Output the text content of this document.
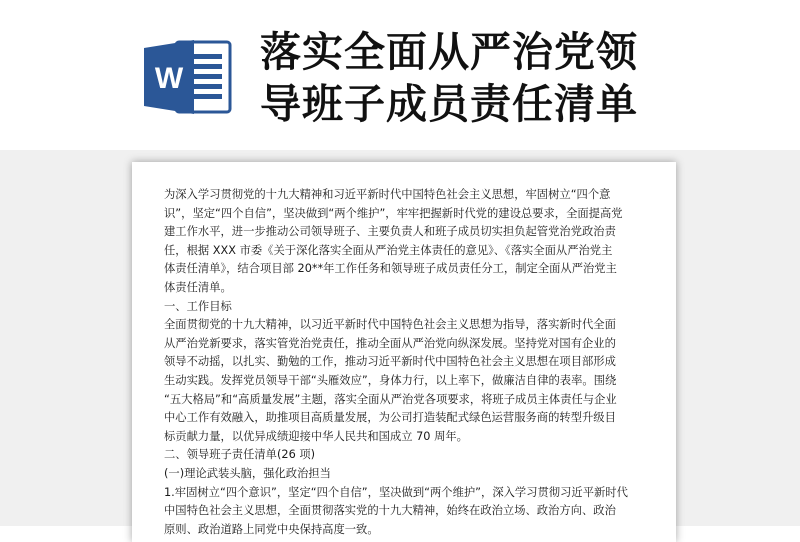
W
落实全面从严治党领
导班子成员责任清单
为深入学习贯彻党的十九大精神和习近平新时代中国特色社会主义思想，牢固树立“四个意
识”，坚定“四个自信”，坚决做到“两个维护”，牢牢把握新时代党的建设总要求，全面提高党
建工作水平，进一步推动公司领导班子、主要负责人和班子成员切实担负起管党治党政治责
任，根据 XXX 市委《关于深化落实全面从严治党主体责任的意见》、《落实全面从严治党主
体责任清单》，结合项目部 20**年工作任务和领导班子成员责任分工，制定全面从严治党主
体责任清单。
一、工作目标
全面贯彻党的十九大精神，以习近平新时代中国特色社会主义思想为指导，落实新时代全面
从严治党新要求，落实管党治党责任，推动全面从严治党向纵深发展。坚持党对国有企业的
领导不动摇，以扎实、勤勉的工作，推动习近平新时代中国特色社会主义思想在项目部形成
生动实践。发挥党员领导干部“头雁效应”，身体力行，以上率下，做廉洁自律的表率。围绕
“五大格局”和“高质量发展”主题，落实全面从严治党各项要求，将班子成员主体责任与企业
中心工作有效融入，助推项目高质量发展，为公司打造装配式绿色运营服务商的转型升级目
标贡献力量，以优异成绩迎接中华人民共和国成立 70 周年。
二、领导班子责任清单(26 项)
(一)理论武装头脑，强化政治担当
1.牢固树立“四个意识”，坚定“四个自信”，坚决做到“两个维护”，深入学习贯彻习近平新时代
中国特色社会主义思想，全面贯彻落实党的十九大精神，始终在政治立场、政治方向、政治
原则、政治道路上同党中央保持高度一致。
